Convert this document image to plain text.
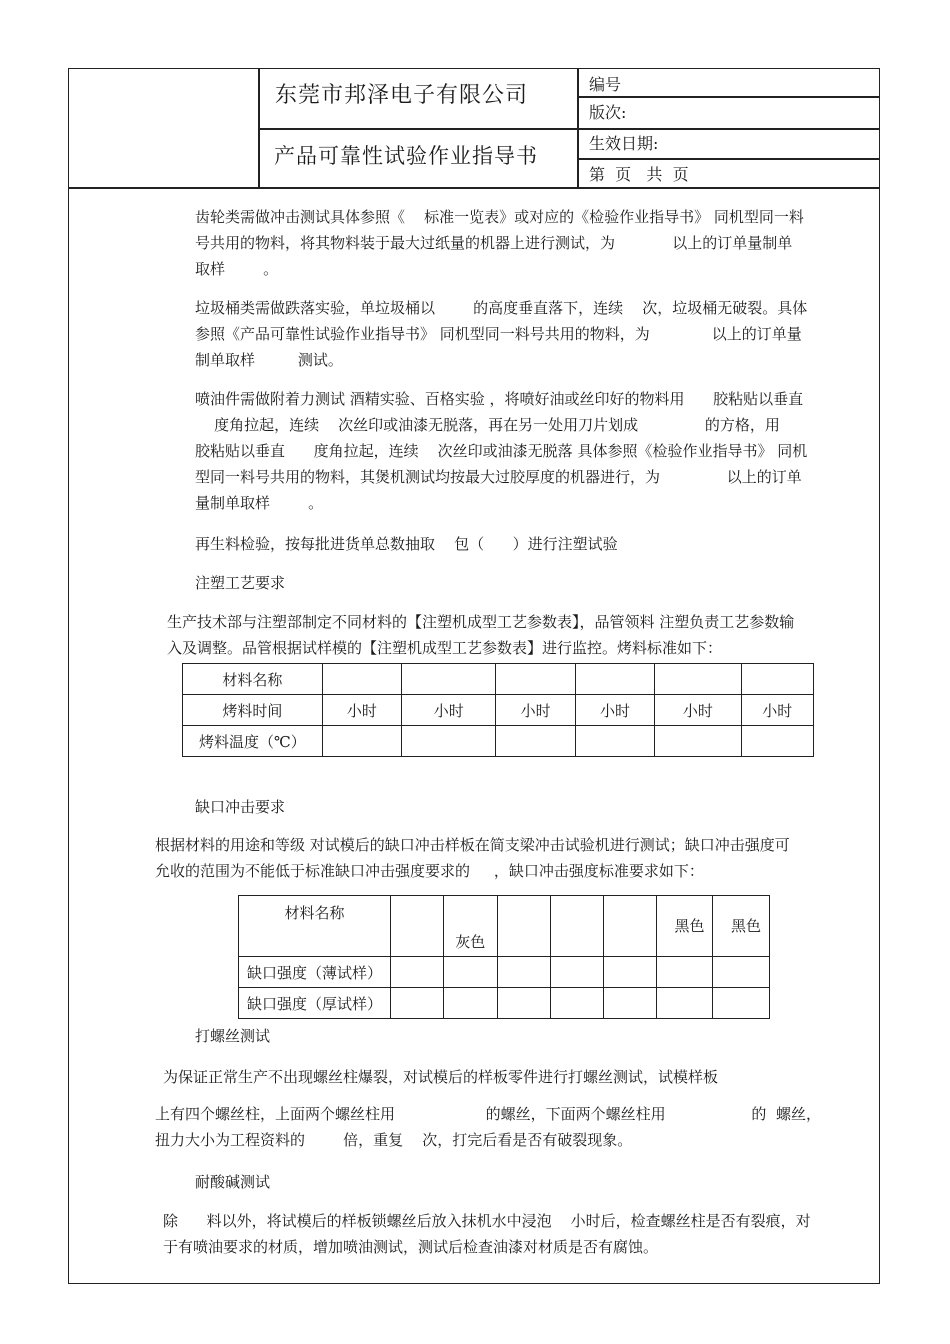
东莞市邦泽电子有限公司
产品可靠性试验作业指导书
编号
版次:
生效日期:
第  页   共  页
齿轮类需做冲击测试具体参照《    标准一览表》或对应的《检验作业指导书》 同机型同一料
号共用的物料，将其物料装于最大过纸量的机器上进行测试，为            以上的订单量制单
取样        。
垃圾桶类需做跌落实验，单垃圾桶以        的高度垂直落下，连续    次，垃圾桶无破裂。具体
参照《产品可靠性试验作业指导书》 同机型同一料号共用的物料，为             以上的订单量
制单取样         测试。
喷油件需做附着力测试 酒精实验、百格实验 ，将喷好油或丝印好的物料用      胶粘贴以垂直
度角拉起，连续    次丝印或油漆无脱落，再在另一处用刀片划成              的方格，用
胶粘贴以垂直      度角拉起，连续    次丝印或油漆无脱落 具体参照《检验作业指导书》 同机
型同一料号共用的物料，其煲机测试均按最大过胶厚度的机器进行，为              以上的订单
量制单取样        。
再生料检验，按每批进货单总数抽取    包（      ）进行注塑试验
注塑工艺要求
生产技术部与注塑部制定不同材料的【注塑机成型工艺参数表】，品管领料 注塑负责工艺参数输
入及调整。品管根据试样模的【注塑机成型工艺参数表】进行监控。烤料标准如下：
材料名称						
烤料时间	小时	小时	小时	小时	小时	小时
烤料温度（℃）						
缺口冲击要求
根据材料的用途和等级 对试模后的缺口冲击样板在简支梁冲击试验机进行测试；缺口冲击强度可
允收的范围为不能低于标准缺口冲击强度要求的     ，缺口冲击强度标准要求如下：
材料名称		灰色				黑色	黑色
缺口强度（薄试样）							
缺口强度（厚试样）							
打螺丝测试
为保证正常生产不出现螺丝柱爆裂，对试模后的样板零件进行打螺丝测试，试模样板
上有四个螺丝柱，上面两个螺丝柱用                   的螺丝，下面两个螺丝柱用                  的  螺丝，
扭力大小为工程资料的        倍，重复    次，打完后看是否有破裂现象。
耐酸碱测试
除      料以外，将试模后的样板锁螺丝后放入抹机水中浸泡    小时后，检查螺丝柱是否有裂痕，对
于有喷油要求的材质，增加喷油测试，测试后检查油漆对材质是否有腐蚀。
